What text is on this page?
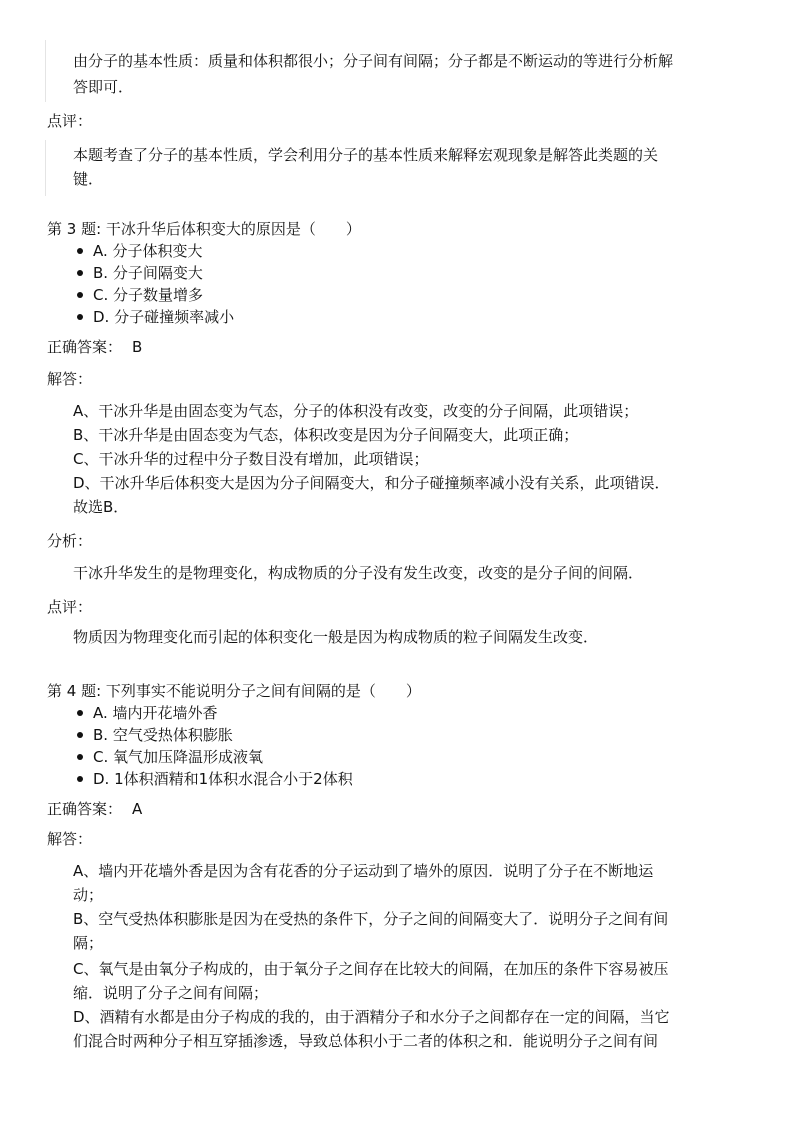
由分子的基本性质：质量和体积都很小；分子间有间隔；分子都是不断运动的等进行分析解
答即可．
点评：
本题考查了分子的基本性质，学会利用分子的基本性质来解释宏观现象是解答此类题的关
键．
第 3 题: 干冰升华后体积变大的原因是（　　）
A. 分子体积变大
B. 分子间隔变大
C. 分子数量增多
D. 分子碰撞频率减小
正确答案： B
解答：
A、干冰升华是由固态变为气态，分子的体积没有改变，改变的分子间隔，此项错误；
B、干冰升华是由固态变为气态，体积改变是因为分子间隔变大，此项正确；
C、干冰升华的过程中分子数目没有增加，此项错误；
D、干冰升华后体积变大是因为分子间隔变大，和分子碰撞频率减小没有关系，此项错误．
故选B．
分析：
干冰升华发生的是物理变化，构成物质的分子没有发生改变，改变的是分子间的间隔．
点评：
物质因为物理变化而引起的体积变化一般是因为构成物质的粒子间隔发生改变．
第 4 题: 下列事实不能说明分子之间有间隔的是（　　）
A. 墙内开花墙外香
B. 空气受热体积膨胀
C. 氧气加压降温形成液氧
D. 1体积酒精和1体积水混合小于2体积
正确答案： A
解答：
A、墙内开花墙外香是因为含有花香的分子运动到了墙外的原因．说明了分子在不断地运
动；
B、空气受热体积膨胀是因为在受热的条件下，分子之间的间隔变大了．说明分子之间有间
隔；
C、氧气是由氧分子构成的，由于氧分子之间存在比较大的间隔，在加压的条件下容易被压
缩．说明了分子之间有间隔；
D、酒精有水都是由分子构成的我的，由于酒精分子和水分子之间都存在一定的间隔，当它
们混合时两种分子相互穿插渗透，导致总体积小于二者的体积之和．能说明分子之间有间
